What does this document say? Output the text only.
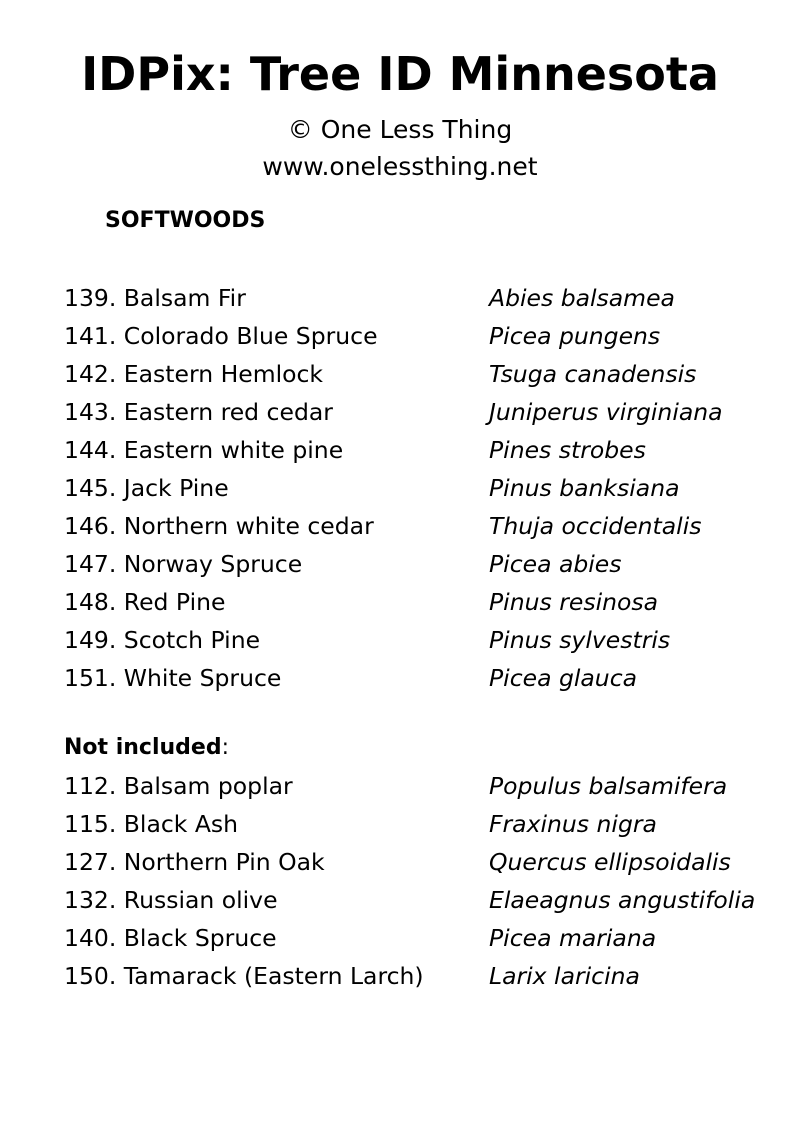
IDPix: Tree ID Minnesota
© One Less Thing
www.onelessthing.net
SOFTWOODS
139. Balsam Fir	Abies balsamea
141. Colorado Blue Spruce	Picea pungens
142. Eastern Hemlock	Tsuga canadensis
143. Eastern red cedar	Juniperus virginiana
144. Eastern white pine	Pines strobes
145. Jack Pine	Pinus banksiana
146. Northern white cedar	Thuja occidentalis
147. Norway Spruce	Picea abies
148. Red Pine	Pinus resinosa
149. Scotch Pine	Pinus sylvestris
151. White Spruce	Picea glauca
Not included:
112. Balsam poplar	Populus balsamifera
115. Black Ash	Fraxinus nigra
127. Northern Pin Oak	Quercus ellipsoidalis
132. Russian olive	Elaeagnus angustifolia
140. Black Spruce	Picea mariana
150. Tamarack (Eastern Larch)	Larix laricina
